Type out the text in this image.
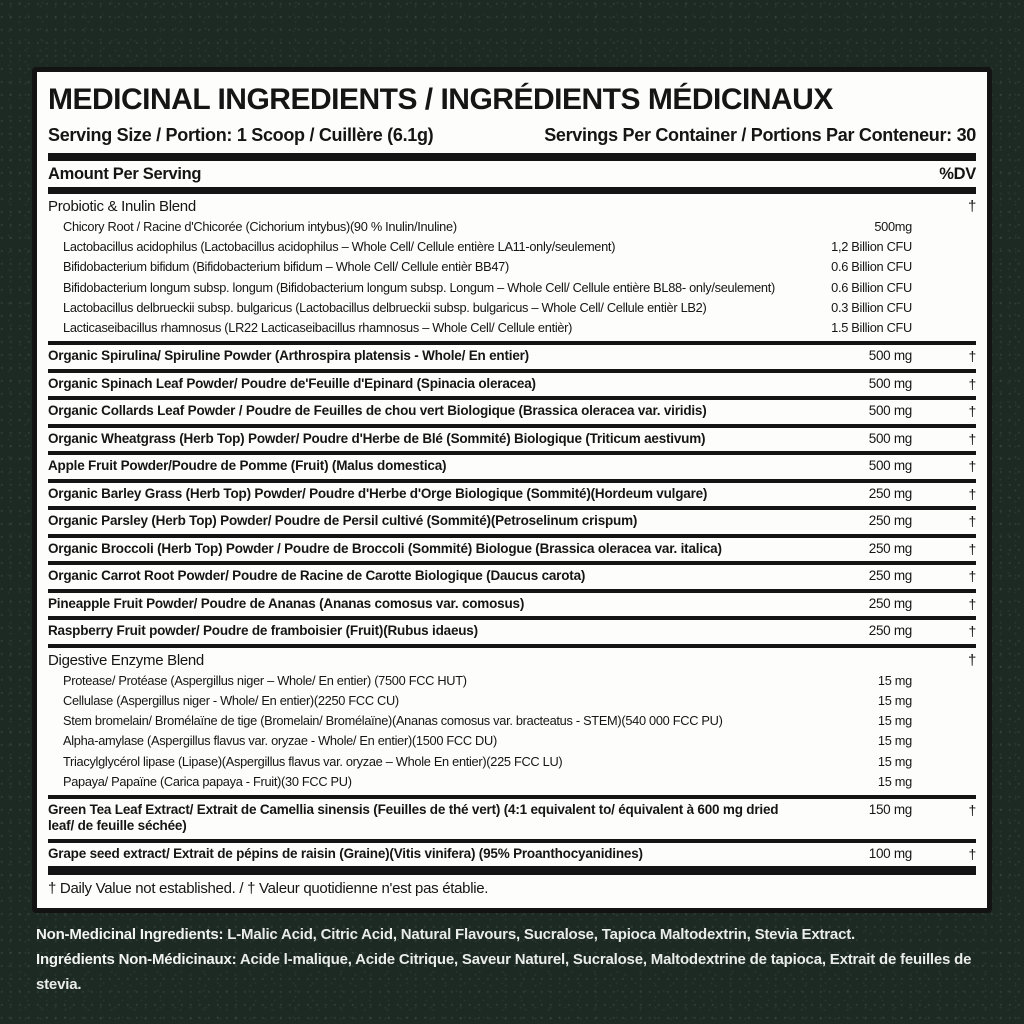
MEDICINAL INGREDIENTS / INGRÉDIENTS MÉDICINAUX
Serving Size / Portion: 1 Scoop / Cuillère (6.1g)	Servings Per Container / Portions Par Conteneur: 30
Amount Per Serving	%DV
Probiotic & Inulin Blend	†
Chicory Root / Racine d'Chicorée (Cichorium intybus)(90 % Inulin/Inuline)	500mg
Lactobacillus acidophilus (Lactobacillus acidophilus – Whole Cell/ Cellule entière LA11-only/seulement)	1,2 Billion CFU
Bifidobacterium bifidum (Bifidobacterium bifidum – Whole Cell/ Cellule entièr BB47)	0.6 Billion CFU
Bifidobacterium longum subsp. longum (Bifidobacterium longum subsp. Longum – Whole Cell/ Cellule entière BL88- only/seulement)	0.6 Billion CFU
Lactobacillus delbrueckii subsp. bulgaricus (Lactobacillus delbrueckii subsp. bulgaricus – Whole Cell/ Cellule entièr LB2)	0.3 Billion CFU
Lacticaseibacillus rhamnosus (LR22 Lacticaseibacillus rhamnosus – Whole Cell/ Cellule entièr)	1.5 Billion CFU
Organic Spirulina/ Spiruline Powder (Arthrospira platensis - Whole/ En entier)	500 mg	†
Organic Spinach Leaf Powder/ Poudre de'Feuille d'Epinard (Spinacia oleracea)	500 mg	†
Organic Collards Leaf Powder / Poudre de Feuilles de chou vert Biologique (Brassica oleracea var. viridis)	500 mg	†
Organic Wheatgrass (Herb Top) Powder/ Poudre d'Herbe de Blé (Sommité) Biologique (Triticum aestivum)	500 mg	†
Apple Fruit Powder/Poudre de Pomme (Fruit) (Malus domestica)	500 mg	†
Organic Barley Grass (Herb Top) Powder/ Poudre d'Herbe d'Orge Biologique (Sommité)(Hordeum vulgare)	250 mg	†
Organic Parsley (Herb Top) Powder/ Poudre de Persil cultivé (Sommité)(Petroselinum crispum)	250 mg	†
Organic Broccoli (Herb Top) Powder / Poudre de Broccoli (Sommité) Biologue (Brassica oleracea var. italica)	250 mg	†
Organic Carrot Root Powder/ Poudre de Racine de Carotte Biologique (Daucus carota)	250 mg	†
Pineapple Fruit Powder/ Poudre de Ananas (Ananas comosus var. comosus)	250 mg	†
Raspberry Fruit powder/ Poudre de framboisier (Fruit)(Rubus idaeus)	250 mg	†
Digestive Enzyme Blend	†
Protease/ Protéase (Aspergillus niger – Whole/ En entier) (7500 FCC HUT)	15 mg
Cellulase (Aspergillus niger - Whole/ En entier)(2250 FCC CU)	15 mg
Stem bromelain/ Bromélaïne de tige (Bromelain/ Bromélaïne)(Ananas comosus var. bracteatus - STEM)(540 000 FCC PU)	15 mg
Alpha-amylase (Aspergillus flavus var. oryzae - Whole/ En entier)(1500 FCC DU)	15 mg
Triacylglycérol lipase (Lipase)(Aspergillus flavus var. oryzae – Whole En entier)(225 FCC LU)	15 mg
Papaya/ Papaïne (Carica papaya - Fruit)(30 FCC PU)	15 mg
Green Tea Leaf Extract/ Extrait de Camellia sinensis (Feuilles de thé vert) (4:1 equivalent to/ équivalent à 600 mg dried leaf/ de feuille séchée)
150 mg	†
Grape seed extract/ Extrait de pépins de raisin (Graine)(Vitis vinifera) (95% Proanthocyanidines)	100 mg	†
† Daily Value not established. / † Valeur quotidienne n'est pas établie.
Non-Medicinal Ingredients: L-Malic Acid, Citric Acid, Natural Flavours, Sucralose, Tapioca Maltodextrin, Stevia Extract.
Ingrédients Non-Médicinaux: Acide l-malique, Acide Citrique, Saveur Naturel, Sucralose, Maltodextrine de tapioca, Extrait de feuilles de stevia.
